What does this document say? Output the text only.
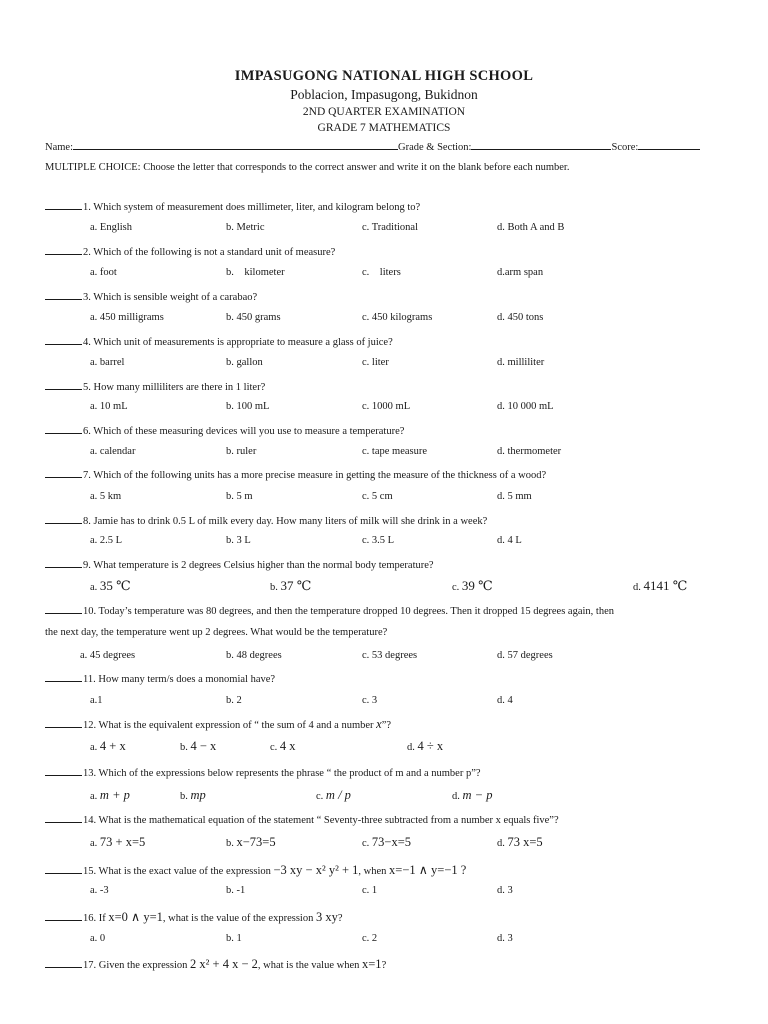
IMPASUGONG NATIONAL HIGH SCHOOL
Poblacion, Impasugong, Bukidnon
2ND QUARTER EXAMINATION
GRADE 7 MATHEMATICS
Name:	Grade & Section:	Score:
MULTIPLE CHOICE: Choose the letter that corresponds to the correct answer and write it on the blank before each number.
1. Which system of measurement does millimeter, liter, and kilogram belong to?
a. English	b. Metric	c. Traditional	d. Both A and B
2. Which of the following is not a standard unit of measure?
a. foot	b.    kilometer	c.    liters	d.arm span
3. Which is sensible weight of a carabao?
a. 450 milligrams	b. 450 grams	c. 450 kilograms	d. 450 tons
4. Which unit of measurements is appropriate to measure a glass of juice?
a. barrel	b. gallon	c. liter	d. milliliter
5. How many milliliters are there in 1 liter?
a. 10 mL	b. 100 mL	c. 1000 mL	d. 10 000 mL
6. Which of these measuring devices will you use to measure a temperature?
a. calendar	b. ruler	c. tape measure	d. thermometer
7. Which of the following units has a more precise measure in getting the measure of the thickness of a wood?
a. 5 km	b. 5 m	c. 5 cm	d. 5 mm
8. Jamie has to drink 0.5 L of milk every day. How many liters of milk will she drink in a week?
a. 2.5 L	b. 3 L	c. 3.5 L	d. 4 L
9. What temperature is 2 degrees Celsius higher than the normal body temperature?
a. 35 ℃	b. 37 ℃	c. 39 ℃	d. 4141 ℃
10. Today’s temperature was 80 degrees, and then the temperature dropped 10 degrees. Then it dropped 15 degrees again, then
the next day, the temperature went up 2 degrees. What would be the temperature?
a. 45 degrees	b. 48 degrees	c. 53 degrees	d. 57 degrees
11. How many term/s does a monomial have?
a.1	b. 2	c. 3	d. 4
12. What is the equivalent expression of “ the sum of 4 and a number x”?
a. 4 + x	b. 4 − x	c. 4 x	d. 4 ÷ x
13. Which of the expressions below represents the phrase “ the product of m and a number p”?
a. m + p	b. mp	c. m / p	d. m − p
14. What is the mathematical equation of the statement “ Seventy-three subtracted from a number x equals five”?
a. 73 + x=5	b. x−73=5	c. 73−x=5	d. 73 x=5
15. What is the exact value of the expression −3 xy − x² y² + 1, when x=−1 ∧ y=−1 ?
a. -3	b. -1	c. 1	d. 3
16. If x=0 ∧ y=1, what is the value of the expression 3 xy?
a. 0	b. 1	c. 2	d. 3
17. Given the expression 2 x² + 4 x − 2, what is the value when x=1?
